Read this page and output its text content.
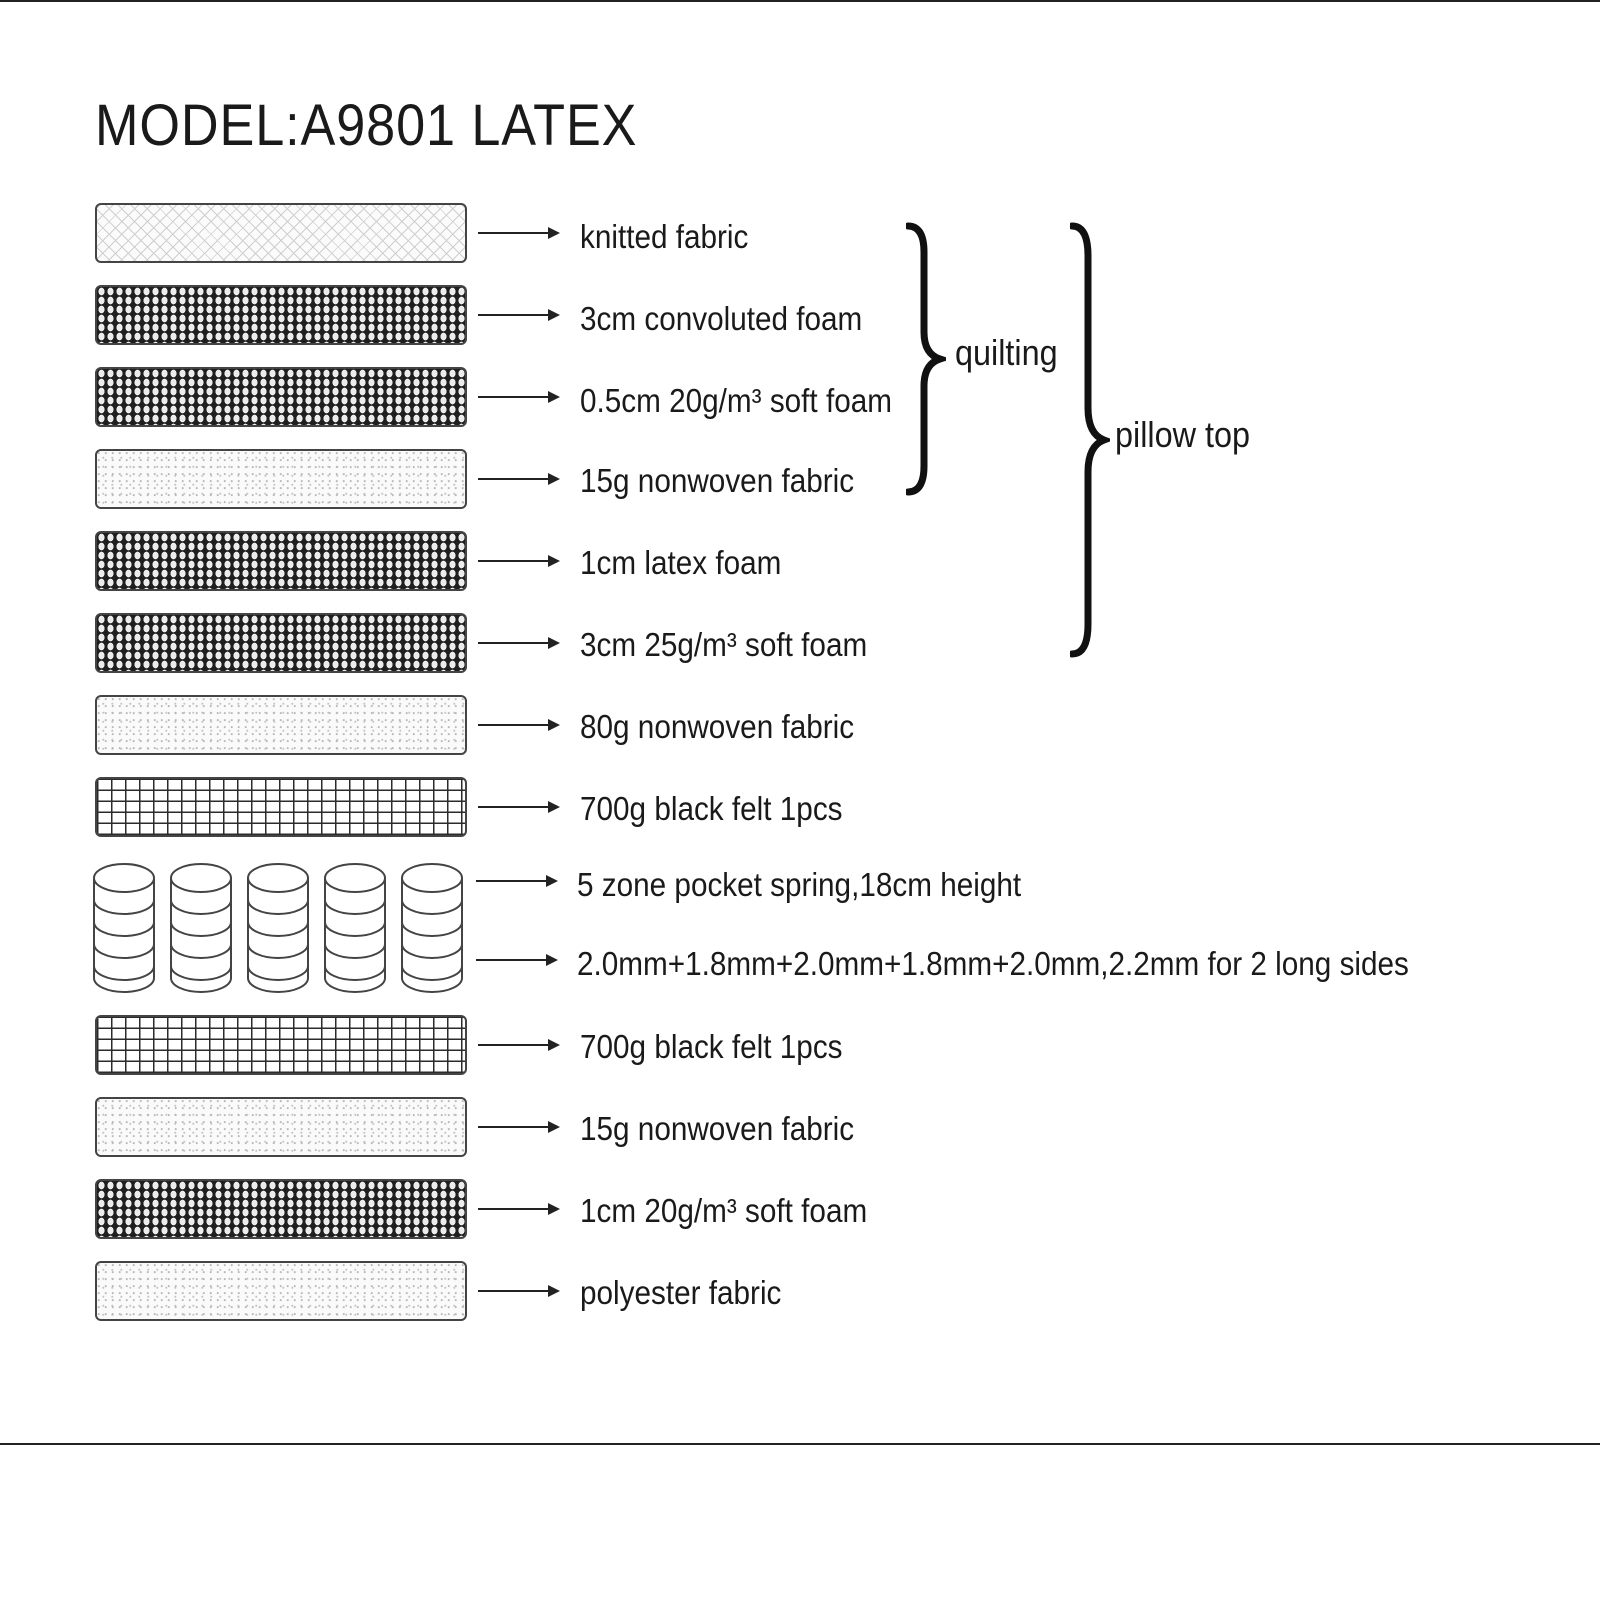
MODEL:A9801 LATEX
knitted fabric
3cm convoluted foam
0.5cm 20g/m³ soft foam
15g nonwoven fabric
1cm latex foam
3cm 25g/m³ soft foam
80g nonwoven fabric
700g black felt 1pcs
5 zone pocket spring,18cm height
2.0mm+1.8mm+2.0mm+1.8mm+2.0mm,2.2mm for 2 long sides
700g black felt 1pcs
15g nonwoven fabric
1cm 20g/m³ soft foam
polyester fabric
quilting
pillow top
